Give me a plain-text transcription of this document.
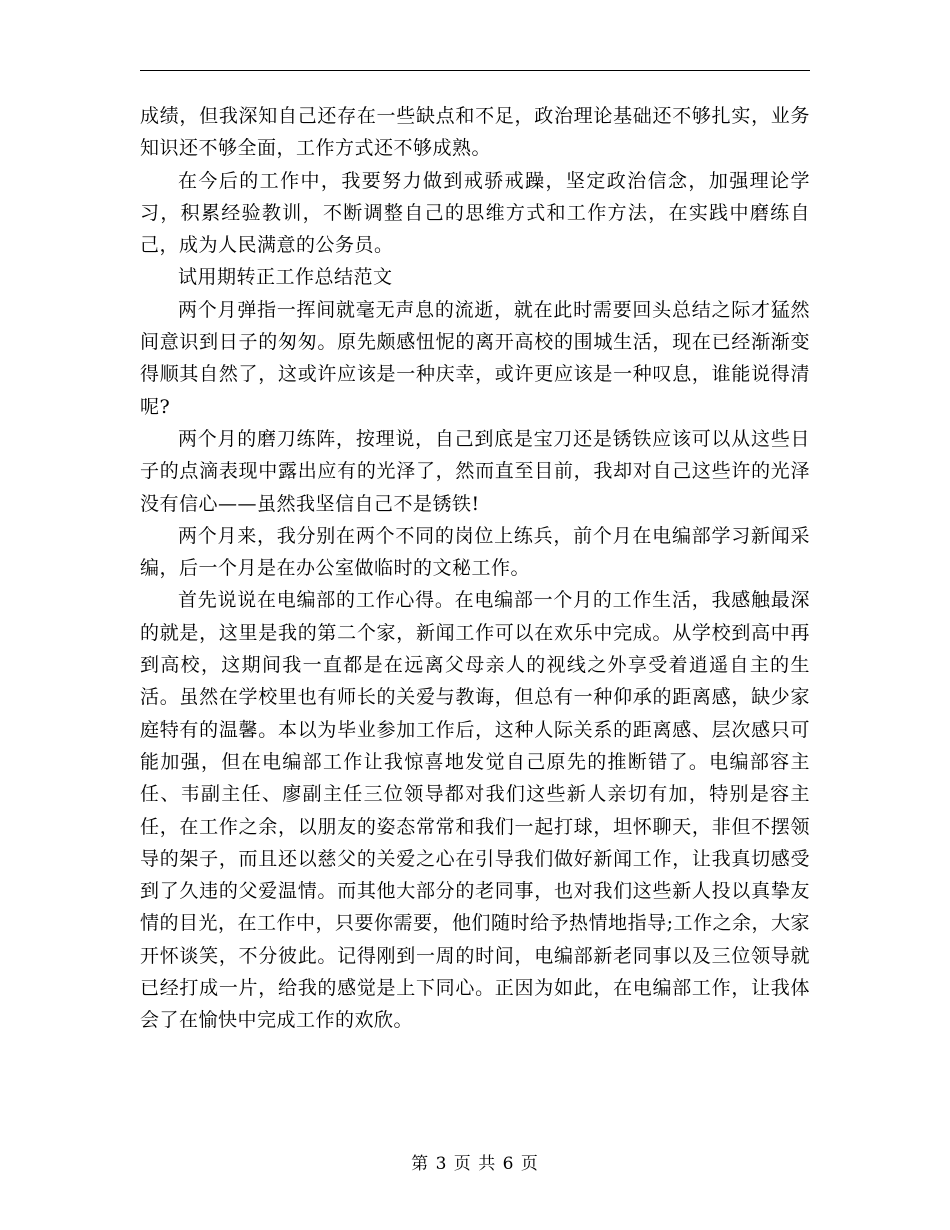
成绩，但我深知自己还存在一些缺点和不足，政治理论基础还不够扎实，业务知识还不够全面，工作方式还不够成熟。

在今后的工作中，我要努力做到戒骄戒躁，坚定政治信念，加强理论学习，积累经验教训，不断调整自己的思维方式和工作方法，在实践中磨练自己，成为人民满意的公务员。

试用期转正工作总结范文

两个月弹指一挥间就毫无声息的流逝，就在此时需要回头总结之际才猛然间意识到日子的匆匆。原先颇感忸怩的离开高校的围城生活，现在已经渐渐变得顺其自然了，这或许应该是一种庆幸，或许更应该是一种叹息，谁能说得清呢?

两个月的磨刀练阵，按理说，自己到底是宝刀还是锈铁应该可以从这些日子的点滴表现中露出应有的光泽了，然而直至目前，我却对自己这些许的光泽没有信心——虽然我坚信自己不是锈铁!

两个月来，我分别在两个不同的岗位上练兵，前个月在电编部学习新闻采编，后一个月是在办公室做临时的文秘工作。

首先说说在电编部的工作心得。在电编部一个月的工作生活，我感触最深的就是，这里是我的第二个家，新闻工作可以在欢乐中完成。从学校到高中再到高校，这期间我一直都是在远离父母亲人的视线之外享受着逍遥自主的生活。虽然在学校里也有师长的关爱与教诲，但总有一种仰承的距离感，缺少家庭特有的温馨。本以为毕业参加工作后，这种人际关系的距离感、层次感只可能加强，但在电编部工作让我惊喜地发觉自己原先的推断错了。电编部容主任、韦副主任、廖副主任三位领导都对我们这些新人亲切有加，特别是容主任，在工作之余，以朋友的姿态常常和我们一起打球，坦怀聊天，非但不摆领导的架子，而且还以慈父的关爱之心在引导我们做好新闻工作，让我真切感受到了久违的父爱温情。而其他大部分的老同事，也对我们这些新人投以真挚友情的目光，在工作中，只要你需要，他们随时给予热情地指导;工作之余，大家开怀谈笑，不分彼此。记得刚到一周的时间，电编部新老同事以及三位领导就已经打成一片，给我的感觉是上下同心。正因为如此，在电编部工作，让我体会了在愉快中完成工作的欢欣。

第 3 页 共 6 页
